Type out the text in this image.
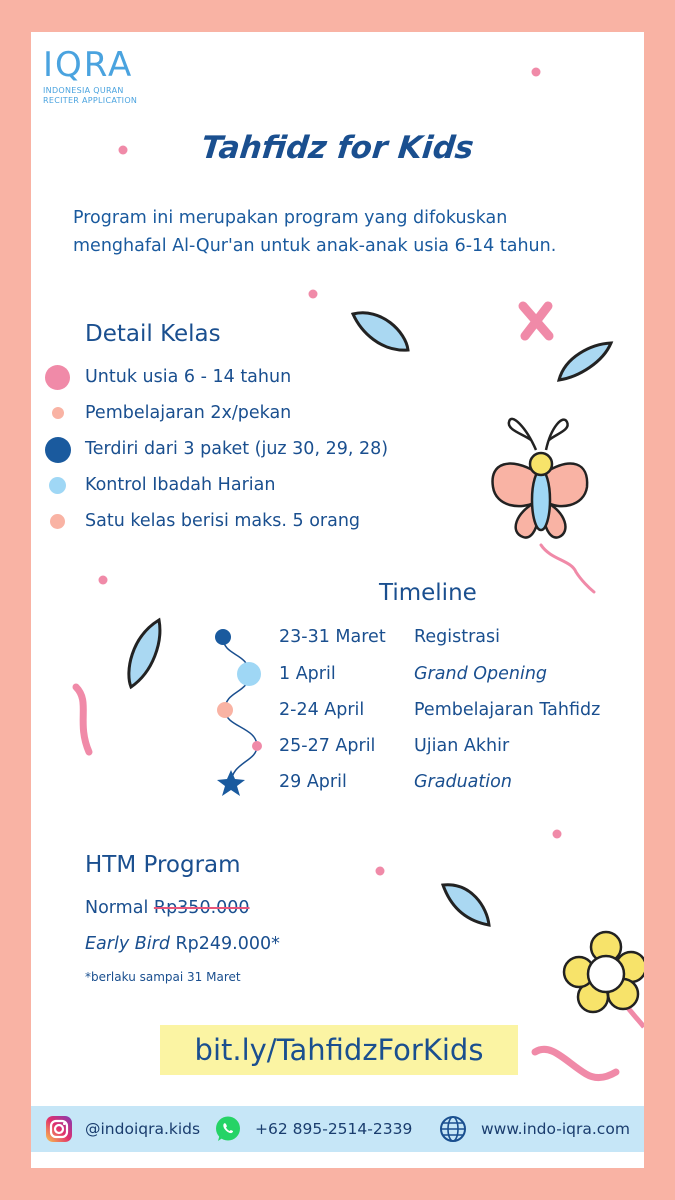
IQRA
INDONESIA QURAN
RECITER APPLICATION
Tahfidz for Kids
Program ini merupakan program yang difokuskan
menghafal Al-Qur'an untuk anak-anak usia 6-14 tahun.
Detail Kelas
Untuk usia 6 - 14 tahun
Pembelajaran 2x/pekan
Terdiri dari 3 paket (juz 30, 29, 28)
Kontrol Ibadah Harian
Satu kelas berisi maks. 5 orang
Timeline
23-31 Maret Registrasi
1 April	Grand Opening
2-24 April	Pembelajaran Tahfidz
25-27 April Ujian Akhir
29 April	Graduation
HTM Program
Normal Rp350.000
Early Bird Rp249.000*
*berlaku sampai 31 Maret
bit.ly/TahfidzForKids
@indoiqra.kids	+62 895-2514-2339	www.indo-iqra.com
